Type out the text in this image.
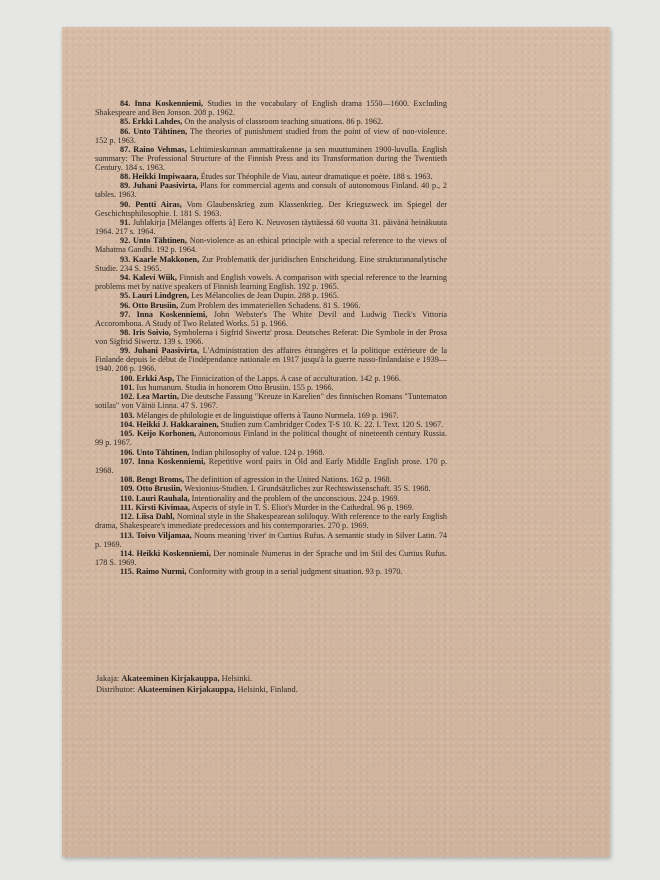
84. Inna Koskenniemi, Studies in the vocabulary of English drama 1550—1600. Excluding Shakespeare and Ben Jonson. 208 p. 1962.

85. Erkki Lahdes, On the analysis of classroom teaching situations. 86 p. 1962.

86. Unto Tähtinen, The theories of punishment studied from the point of view of non-violence. 152 p. 1963.

87. Raino Vehmas, Lehtimieskunnan ammattirakenne ja sen muuttuminen 1900-luvulla. English summary: The Professional Structure of the Finnish Press and its Transformation during the Twentieth Century. 184 s. 1963.

88. Heikki Impiwaara, Études sur Théophile de Viau, auteur dramatique et poète. 188 s. 1963.

89. Juhani Paasivirta, Plans for commercial agents and consuls of autonomous Finland. 40 p., 2 tables. 1963.

90. Pentti Airas, Vom Glaubenskrieg zum Klassenkrieg. Der Kriegszweck im Spiegel der Geschichtsphilosophie. I. 181 S. 1963.

91. Juhlakirja [Mélanges offerts à] Eero K. Neuvosen täyttäessä 60 vuotta 31. päivänä heinäkuuta 1964. 217 s. 1964.

92. Unto Tähtinen, Non-violence as an ethical principle with a special reference to the views of Mahatma Gandhi. 192 p. 1964.

93. Kaarle Makkonen, Zur Problematik der juridischen Entscheidung. Eine strukturananalytische Studie. 234 S. 1965.

94. Kalevi Wiik, Finnish and English vowels. A comparison with special reference to the learning problems met by native speakers of Finnish learning English. 192 p. 1965.

95. Lauri Lindgren, Les Mélancolies de Jean Dupin. 288 p. 1965.

96. Otto Brusiin, Zum Problem des immateriellen Schadens. 81 S. 1966.

97. Inna Koskenniemi, John Webster's The White Devil and Ludwig Tieck's Vittoria Accorombona. A Study of Two Related Works. 51 p. 1966.

98. Iris Soivio, Symbolerna i Sigfrid Siwertz' prosa. Deutsches Referat: Die Symbole in der Prosa von Sigfrid Siwertz. 139 s. 1966.

99. Juhani Paasivirta, L'Administration des affaires étrangères et la politique extérieure de la Finlande depuis le début de l'indépendance nationale en 1917 jusqu'à la guerre russo-finlandaise e 1939—1940. 208 p. 1966.

100. Erkki Asp, The Finnicization of the Lapps. A case of acculturation. 142 p. 1966.

101. Ius humanum. Studia in honorem Otto Brusiin. 155 p. 1966.

102. Lea Martin, Die deutsche Fassung "Kreuze in Karelien" des finnischen Romans "Tuntematon sotilas" von Väinö Linna. 47 S. 1967.

103. Mélanges de philologie et de linguistique offerts à Tauno Nurmela. 169 p. 1967.

104. Heikki J. Hakkarainen, Studien zum Cambridger Codex T-S 10. K. 22. I. Text. 120 S. 1967.

105. Keijo Korhonen, Autonomous Finland in the political thought of nineteenth century Russia. 99 p. 1967.

106. Unto Tähtinen, Indian philosophy of value. 124 p. 1968.

107. Inna Koskenniemi, Repetitive word pairs in Old and Early Middle English prose. 170 p. 1968.

108. Bengt Broms, The definition of agression in the United Nations. 162 p. 1968.

109. Otto Brusiin, Wexionius-Studien. I. Grundsätzliches zur Rechtswissenschaft. 35 S. 1968.

110. Lauri Rauhala, Intentionality and the problem of the unconscious. 224 p. 1969.

111. Kirsti Kivimaa, Aspects of style in T. S. Eliot's Murder in the Cathedral. 96 p. 1969.

112. Liisa Dahl, Nominal style in the Shakespearean soliloquy. With reference to the early English drama, Shakespeare's immediate predecessors and his contemporaries. 270 p. 1969.

113. Toivo Viljamaa, Nouns meaning 'river' in Curtius Rufus. A semantic study in Silver Latin. 74 p. 1969.

114. Heikki Koskenniemi, Der nominale Numerus in der Sprache und im Stil des Curtius Rufus. 178 S. 1969.

115. Raimo Nurmi, Conformity with group in a serial judgment situation. 93 p. 1970.

Jakaja: Akateeminen Kirjakauppa, Helsinki.
Distributor: Akateeminen Kirjakauppa, Helsinki, Finland.
